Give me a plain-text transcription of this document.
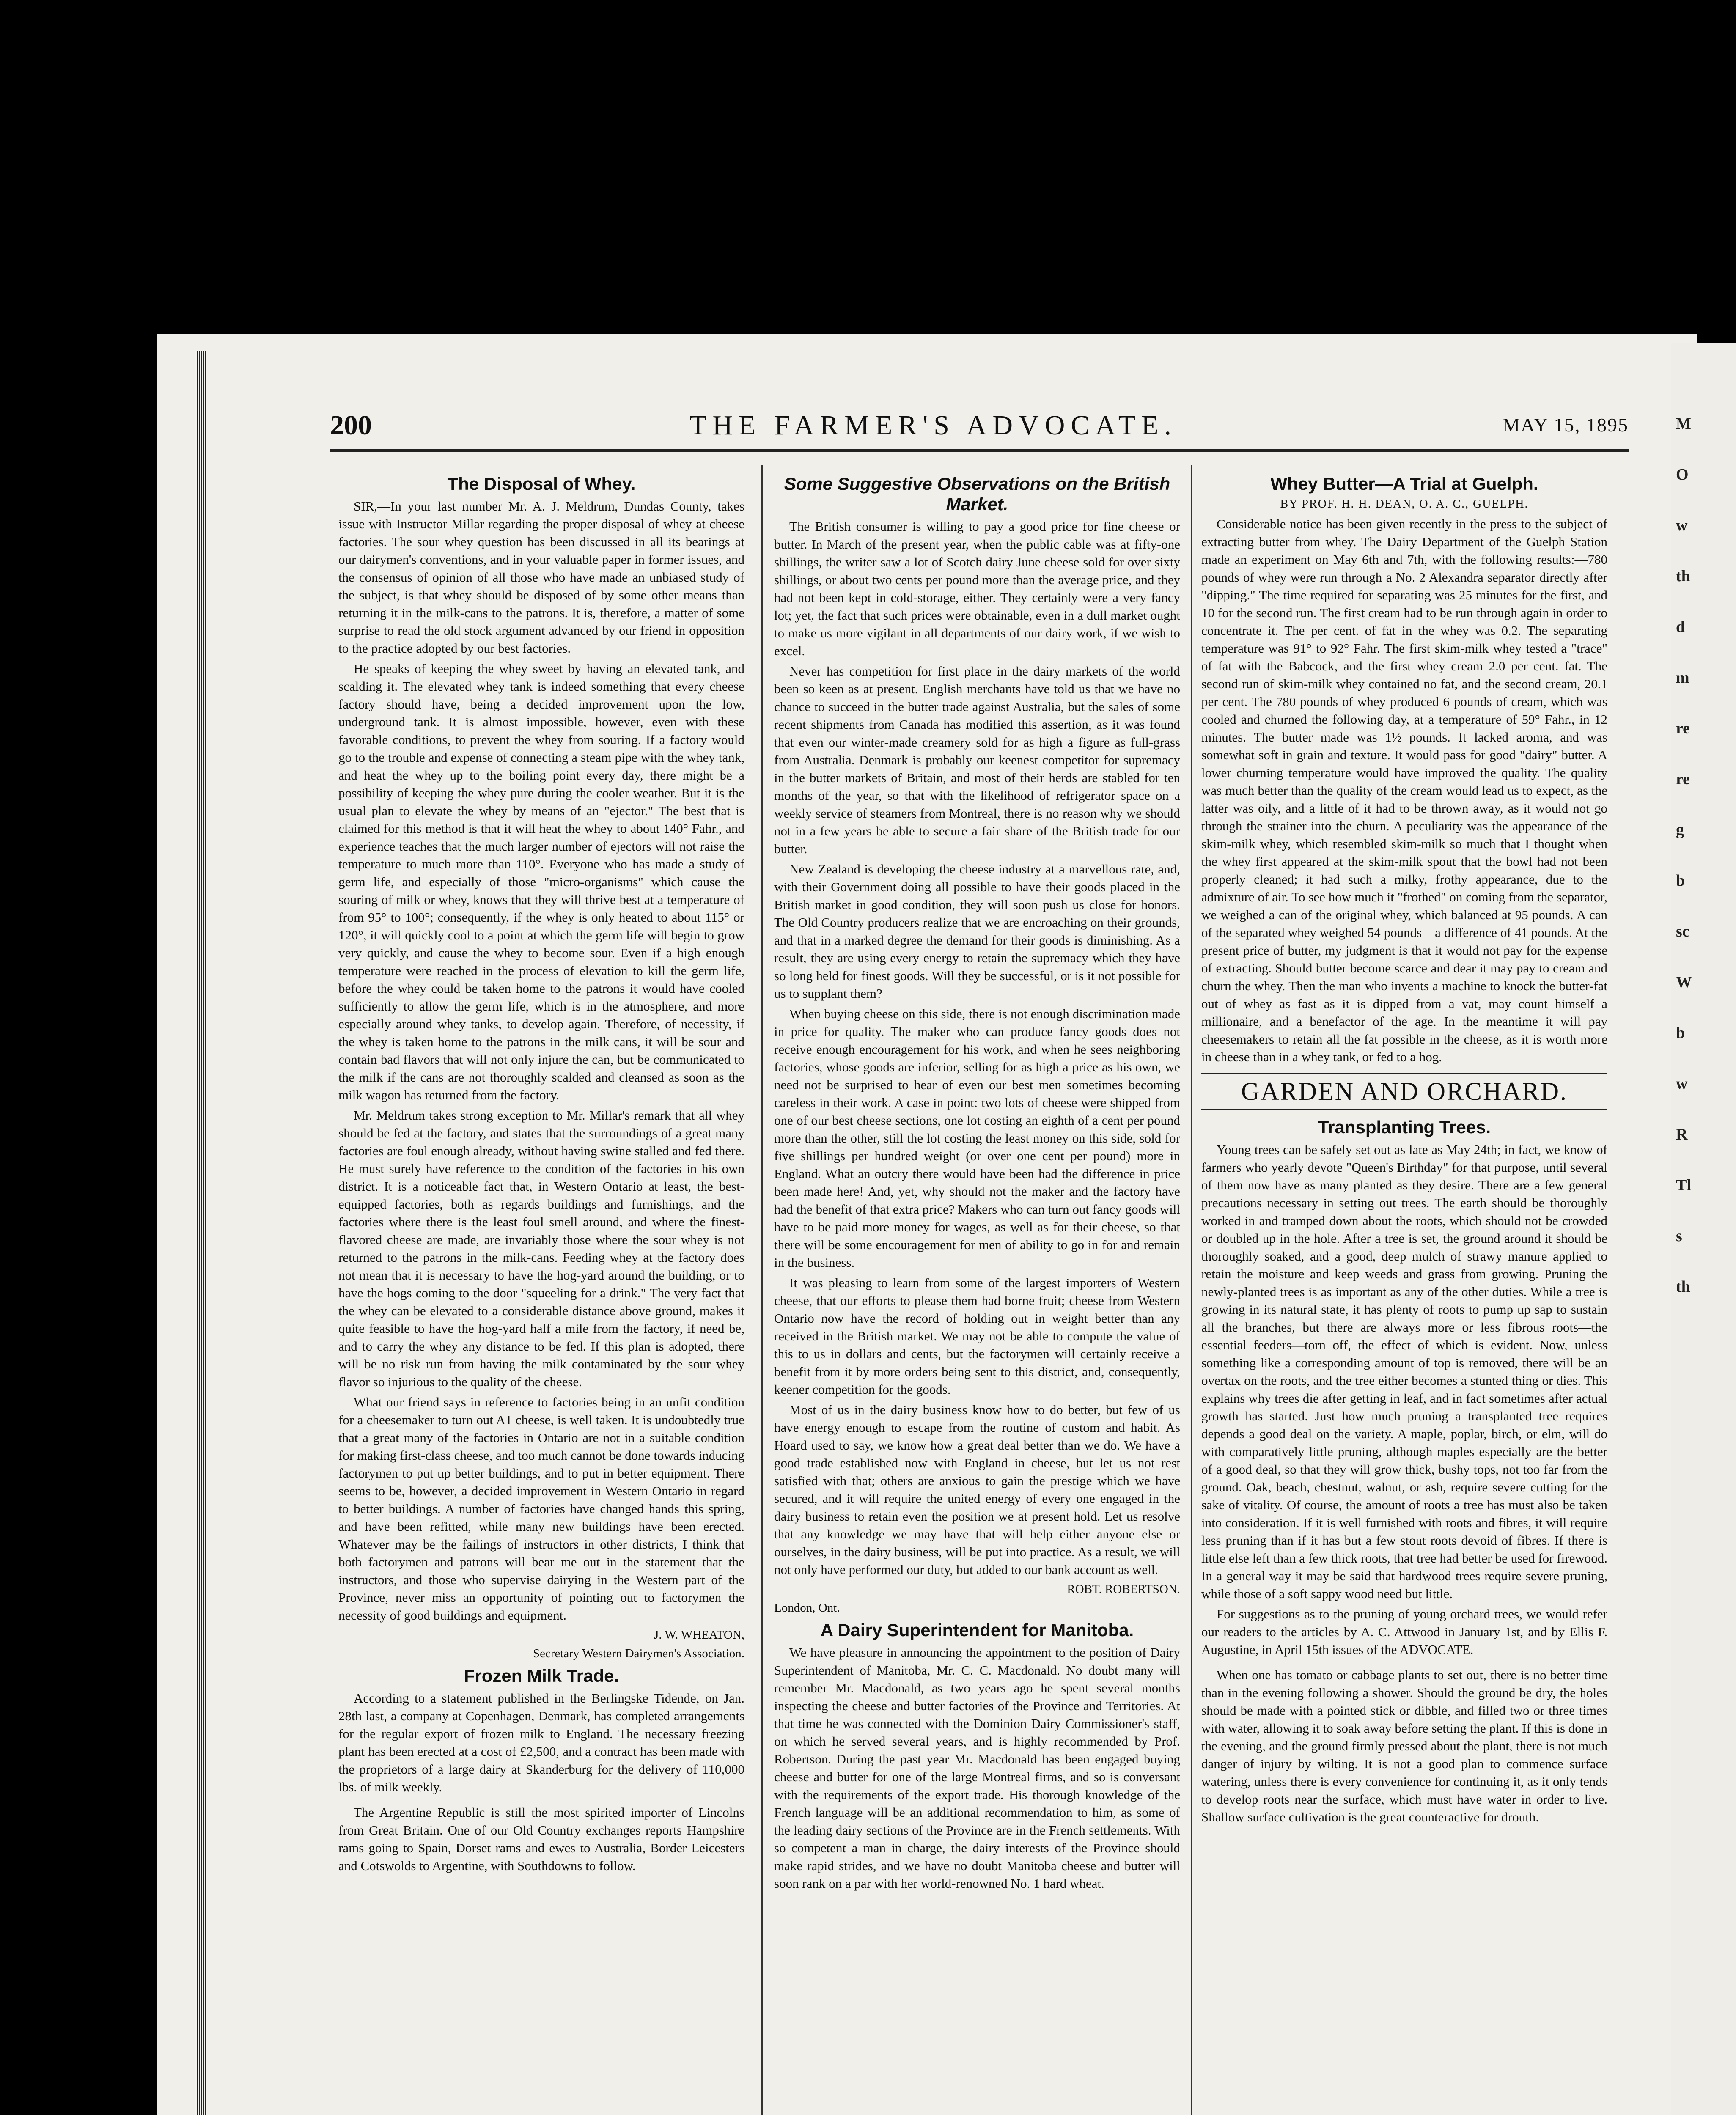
M

O

w

th

d

m

re

re

g

b

sc

W

b

w

R

Tl

s

th

200	THE FARMER'S ADVOCATE.	MAY 15, 1895
The Disposal of Whey.

SIR,—In your last number Mr. A. J. Meldrum, Dundas County, takes issue with Instructor Millar regarding the proper disposal of whey at cheese factories. The sour whey question has been discussed in all its bearings at our dairymen's conventions, and in your valuable paper in former issues, and the consensus of opinion of all those who have made an unbiased study of the subject, is that whey should be disposed of by some other means than returning it in the milk-cans to the patrons. It is, therefore, a matter of some surprise to read the old stock argument advanced by our friend in opposition to the practice adopted by our best factories.

He speaks of keeping the whey sweet by having an elevated tank, and scalding it. The elevated whey tank is indeed something that every cheese factory should have, being a decided improvement upon the low, underground tank. It is almost impossible, however, even with these favorable conditions, to prevent the whey from souring. If a factory would go to the trouble and expense of connecting a steam pipe with the whey tank, and heat the whey up to the boiling point every day, there might be a possibility of keeping the whey pure during the cooler weather. But it is the usual plan to elevate the whey by means of an "ejector." The best that is claimed for this method is that it will heat the whey to about 140° Fahr., and experience teaches that the much larger number of ejectors will not raise the temperature to much more than 110°. Everyone who has made a study of germ life, and especially of those "micro-organisms" which cause the souring of milk or whey, knows that they will thrive best at a temperature of from 95° to 100°; consequently, if the whey is only heated to about 115° or 120°, it will quickly cool to a point at which the germ life will begin to grow very quickly, and cause the whey to become sour. Even if a high enough temperature were reached in the process of elevation to kill the germ life, before the whey could be taken home to the patrons it would have cooled sufficiently to allow the germ life, which is in the atmosphere, and more especially around whey tanks, to develop again. Therefore, of necessity, if the whey is taken home to the patrons in the milk cans, it will be sour and contain bad flavors that will not only injure the can, but be communicated to the milk if the cans are not thoroughly scalded and cleansed as soon as the milk wagon has returned from the factory.

Mr. Meldrum takes strong exception to Mr. Millar's remark that all whey should be fed at the factory, and states that the surroundings of a great many factories are foul enough already, without having swine stalled and fed there. He must surely have reference to the condition of the factories in his own district. It is a noticeable fact that, in Western Ontario at least, the best-equipped factories, both as regards buildings and furnishings, and the factories where there is the least foul smell around, and where the finest-flavored cheese are made, are invariably those where the sour whey is not returned to the patrons in the milk-cans. Feeding whey at the factory does not mean that it is necessary to have the hog-yard around the building, or to have the hogs coming to the door "squeeling for a drink." The very fact that the whey can be elevated to a considerable distance above ground, makes it quite feasible to have the hog-yard half a mile from the factory, if need be, and to carry the whey any distance to be fed. If this plan is adopted, there will be no risk run from having the milk contaminated by the sour whey flavor so injurious to the quality of the cheese.

What our friend says in reference to factories being in an unfit condition for a cheesemaker to turn out A1 cheese, is well taken. It is undoubtedly true that a great many of the factories in Ontario are not in a suitable condition for making first-class cheese, and too much cannot be done towards inducing factorymen to put up better buildings, and to put in better equipment. There seems to be, however, a decided improvement in Western Ontario in regard to better buildings. A number of factories have changed hands this spring, and have been refitted, while many new buildings have been erected. Whatever may be the failings of instructors in other districts, I think that both factorymen and patrons will bear me out in the statement that the instructors, and those who supervise dairying in the Western part of the Province, never miss an opportunity of pointing out to factorymen the necessity of good buildings and equipment.

J. W. WHEATON,

Secretary Western Dairymen's Association.

Frozen Milk Trade.

According to a statement published in the Berlingske Tidende, on Jan. 28th last, a company at Copenhagen, Denmark, has completed arrangements for the regular export of frozen milk to England. The necessary freezing plant has been erected at a cost of £2,500, and a contract has been made with the proprietors of a large dairy at Skanderburg for the delivery of 110,000 lbs. of milk weekly.

The Argentine Republic is still the most spirited importer of Lincolns from Great Britain. One of our Old Country exchanges reports Hampshire rams going to Spain, Dorset rams and ewes to Australia, Border Leicesters and Cotswolds to Argentine, with Southdowns to follow.

Some Suggestive Observations on the British Market.

The British consumer is willing to pay a good price for fine cheese or butter. In March of the present year, when the public cable was at fifty-one shillings, the writer saw a lot of Scotch dairy June cheese sold for over sixty shillings, or about two cents per pound more than the average price, and they had not been kept in cold-storage, either. They certainly were a very fancy lot; yet, the fact that such prices were obtainable, even in a dull market ought to make us more vigilant in all departments of our dairy work, if we wish to excel.

Never has competition for first place in the dairy markets of the world been so keen as at present. English merchants have told us that we have no chance to succeed in the butter trade against Australia, but the sales of some recent shipments from Canada has modified this assertion, as it was found that even our winter-made creamery sold for as high a figure as full-grass from Australia. Denmark is probably our keenest competitor for supremacy in the butter markets of Britain, and most of their herds are stabled for ten months of the year, so that with the likelihood of refrigerator space on a weekly service of steamers from Montreal, there is no reason why we should not in a few years be able to secure a fair share of the British trade for our butter.

New Zealand is developing the cheese industry at a marvellous rate, and, with their Government doing all possible to have their goods placed in the British market in good condition, they will soon push us close for honors. The Old Country producers realize that we are encroaching on their grounds, and that in a marked degree the demand for their goods is diminishing. As a result, they are using every energy to retain the supremacy which they have so long held for finest goods. Will they be successful, or is it not possible for us to supplant them?

When buying cheese on this side, there is not enough discrimination made in price for quality. The maker who can produce fancy goods does not receive enough encouragement for his work, and when he sees neighboring factories, whose goods are inferior, selling for as high a price as his own, we need not be surprised to hear of even our best men sometimes becoming careless in their work. A case in point: two lots of cheese were shipped from one of our best cheese sections, one lot costing an eighth of a cent per pound more than the other, still the lot costing the least money on this side, sold for five shillings per hundred weight (or over one cent per pound) more in England. What an outcry there would have been had the difference in price been made here! And, yet, why should not the maker and the factory have had the benefit of that extra price? Makers who can turn out fancy goods will have to be paid more money for wages, as well as for their cheese, so that there will be some encouragement for men of ability to go in for and remain in the business.

It was pleasing to learn from some of the largest importers of Western cheese, that our efforts to please them had borne fruit; cheese from Western Ontario now have the record of holding out in weight better than any received in the British market. We may not be able to compute the value of this to us in dollars and cents, but the factorymen will certainly receive a benefit from it by more orders being sent to this district, and, consequently, keener competition for the goods.

Most of us in the dairy business know how to do better, but few of us have energy enough to escape from the routine of custom and habit. As Hoard used to say, we know how a great deal better than we do. We have a good trade established now with England in cheese, but let us not rest satisfied with that; others are anxious to gain the prestige which we have secured, and it will require the united energy of every one engaged in the dairy business to retain even the position we at present hold. Let us resolve that any knowledge we may have that will help either anyone else or ourselves, in the dairy business, will be put into practice. As a result, we will not only have performed our duty, but added to our bank account as well.

ROBT. ROBERTSON.

London, Ont.

A Dairy Superintendent for Manitoba.

We have pleasure in announcing the appointment to the position of Dairy Superintendent of Manitoba, Mr. C. C. Macdonald. No doubt many will remember Mr. Macdonald, as two years ago he spent several months inspecting the cheese and butter factories of the Province and Territories. At that time he was connected with the Dominion Dairy Commissioner's staff, on which he served several years, and is highly recommended by Prof. Robertson. During the past year Mr. Macdonald has been engaged buying cheese and butter for one of the large Montreal firms, and so is conversant with the requirements of the export trade. His thorough knowledge of the French language will be an additional recommendation to him, as some of the leading dairy sections of the Province are in the French settlements. With so competent a man in charge, the dairy interests of the Province should make rapid strides, and we have no doubt Manitoba cheese and butter will soon rank on a par with her world-renowned No. 1 hard wheat.

Whey Butter—A Trial at Guelph.
BY PROF. H. H. DEAN, O. A. C., GUELPH.

Considerable notice has been given recently in the press to the subject of extracting butter from whey. The Dairy Department of the Guelph Station made an experiment on May 6th and 7th, with the following results:—780 pounds of whey were run through a No. 2 Alexandra separator directly after "dipping." The time required for separating was 25 minutes for the first, and 10 for the second run. The first cream had to be run through again in order to concentrate it. The per cent. of fat in the whey was 0.2. The separating temperature was 91° to 92° Fahr. The first skim-milk whey tested a "trace" of fat with the Babcock, and the first whey cream 2.0 per cent. fat. The second run of skim-milk whey contained no fat, and the second cream, 20.1 per cent. The 780 pounds of whey produced 6 pounds of cream, which was cooled and churned the following day, at a temperature of 59° Fahr., in 12 minutes. The butter made was 1½ pounds. It lacked aroma, and was somewhat soft in grain and texture. It would pass for good "dairy" butter. A lower churning temperature would have improved the quality. The quality was much better than the quality of the cream would lead us to expect, as the latter was oily, and a little of it had to be thrown away, as it would not go through the strainer into the churn. A peculiarity was the appearance of the skim-milk whey, which resembled skim-milk so much that I thought when the whey first appeared at the skim-milk spout that the bowl had not been properly cleaned; it had such a milky, frothy appearance, due to the admixture of air. To see how much it "frothed" on coming from the separator, we weighed a can of the original whey, which balanced at 95 pounds. A can of the separated whey weighed 54 pounds—a difference of 41 pounds. At the present price of butter, my judgment is that it would not pay for the expense of extracting. Should butter become scarce and dear it may pay to cream and churn the whey. Then the man who invents a machine to knock the butter-fat out of whey as fast as it is dipped from a vat, may count himself a millionaire, and a benefactor of the age. In the meantime it will pay cheesemakers to retain all the fat possible in the cheese, as it is worth more in cheese than in a whey tank, or fed to a hog.

GARDEN AND ORCHARD.
Transplanting Trees.

Young trees can be safely set out as late as May 24th; in fact, we know of farmers who yearly devote "Queen's Birthday" for that purpose, until several of them now have as many planted as they desire. There are a few general precautions necessary in setting out trees. The earth should be thoroughly worked in and tramped down about the roots, which should not be crowded or doubled up in the hole. After a tree is set, the ground around it should be thoroughly soaked, and a good, deep mulch of strawy manure applied to retain the moisture and keep weeds and grass from growing. Pruning the newly-planted trees is as important as any of the other duties. While a tree is growing in its natural state, it has plenty of roots to pump up sap to sustain all the branches, but there are always more or less fibrous roots—the essential feeders—torn off, the effect of which is evident. Now, unless something like a corresponding amount of top is removed, there will be an overtax on the roots, and the tree either becomes a stunted thing or dies. This explains why trees die after getting in leaf, and in fact sometimes after actual growth has started. Just how much pruning a transplanted tree requires depends a good deal on the variety. A maple, poplar, birch, or elm, will do with comparatively little pruning, although maples especially are the better of a good deal, so that they will grow thick, bushy tops, not too far from the ground. Oak, beach, chestnut, walnut, or ash, require severe cutting for the sake of vitality. Of course, the amount of roots a tree has must also be taken into consideration. If it is well furnished with roots and fibres, it will require less pruning than if it has but a few stout roots devoid of fibres. If there is little else left than a few thick roots, that tree had better be used for firewood. In a general way it may be said that hardwood trees require severe pruning, while those of a soft sappy wood need but little.

For suggestions as to the pruning of young orchard trees, we would refer our readers to the articles by A. C. Attwood in January 1st, and by Ellis F. Augustine, in April 15th issues of the ADVOCATE.

When one has tomato or cabbage plants to set out, there is no better time than in the evening following a shower. Should the ground be dry, the holes should be made with a pointed stick or dibble, and filled two or three times with water, allowing it to soak away before setting the plant. If this is done in the evening, and the ground firmly pressed about the plant, there is not much danger of injury by wilting. It is not a good plan to commence surface watering, unless there is every convenience for continuing it, as it only tends to develop roots near the surface, which must have water in order to live. Shallow surface cultivation is the great counteractive for drouth.
